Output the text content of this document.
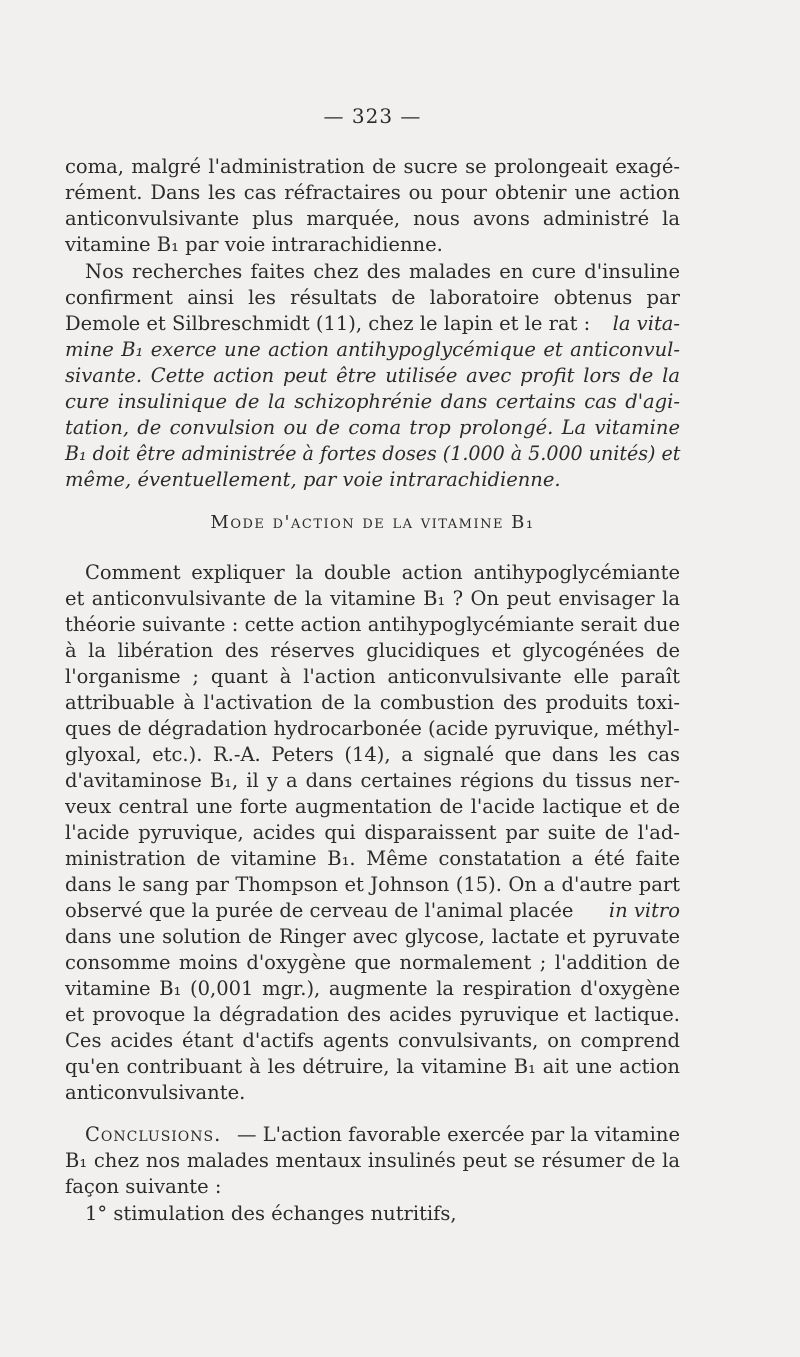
— 323 —
coma, malgré l'administration de sucre se prolongeait exagé-
rément. Dans les cas réfractaires ou pour obtenir une action
anticonvulsivante plus marquée, nous avons administré la
vitamine B₁ par voie intrarachidienne.
Nos recherches faites chez des malades en cure d'insuline
confirment ainsi les résultats de laboratoire obtenus par
Demole et Silbreschmidt (11), chez le lapin et le rat : la vita-
mine B₁ exerce une action antihypoglycémique et anticonvul-
sivante. Cette action peut être utilisée avec profit lors de la
cure insulinique de la schizophrénie dans certains cas d'agi-
tation, de convulsion ou de coma trop prolongé. La vitamine
B₁ doit être administrée à fortes doses (1.000 à 5.000 unités) et
même, éventuellement, par voie intrarachidienne.
Mode d'action de la vitamine B₁
Comment expliquer la double action antihypoglycémiante
et anticonvulsivante de la vitamine B₁ ? On peut envisager la
théorie suivante : cette action antihypoglycémiante serait due
à la libération des réserves glucidiques et glycogénées de
l'organisme ; quant à l'action anticonvulsivante elle paraît
attribuable à l'activation de la combustion des produits toxi-
ques de dégradation hydrocarbonée (acide pyruvique, méthyl-
glyoxal, etc.). R.-A. Peters (14), a signalé que dans les cas
d'avitaminose B₁, il y a dans certaines régions du tissus ner-
veux central une forte augmentation de l'acide lactique et de
l'acide pyruvique, acides qui disparaissent par suite de l'ad-
ministration de vitamine B₁. Même constatation a été faite
dans le sang par Thompson et Johnson (15). On a d'autre part
observé que la purée de cerveau de l'animal placée in vitro
dans une solution de Ringer avec glycose, lactate et pyruvate
consomme moins d'oxygène que normalement ; l'addition de
vitamine B₁ (0,001 mgr.), augmente la respiration d'oxygène
et provoque la dégradation des acides pyruvique et lactique.
Ces acides étant d'actifs agents convulsivants, on comprend
qu'en contribuant à les détruire, la vitamine B₁ ait une action
anticonvulsivante.
Conclusions. — L'action favorable exercée par la vitamine
B₁ chez nos malades mentaux insulinés peut se résumer de la
façon suivante :
1° stimulation des échanges nutritifs,
